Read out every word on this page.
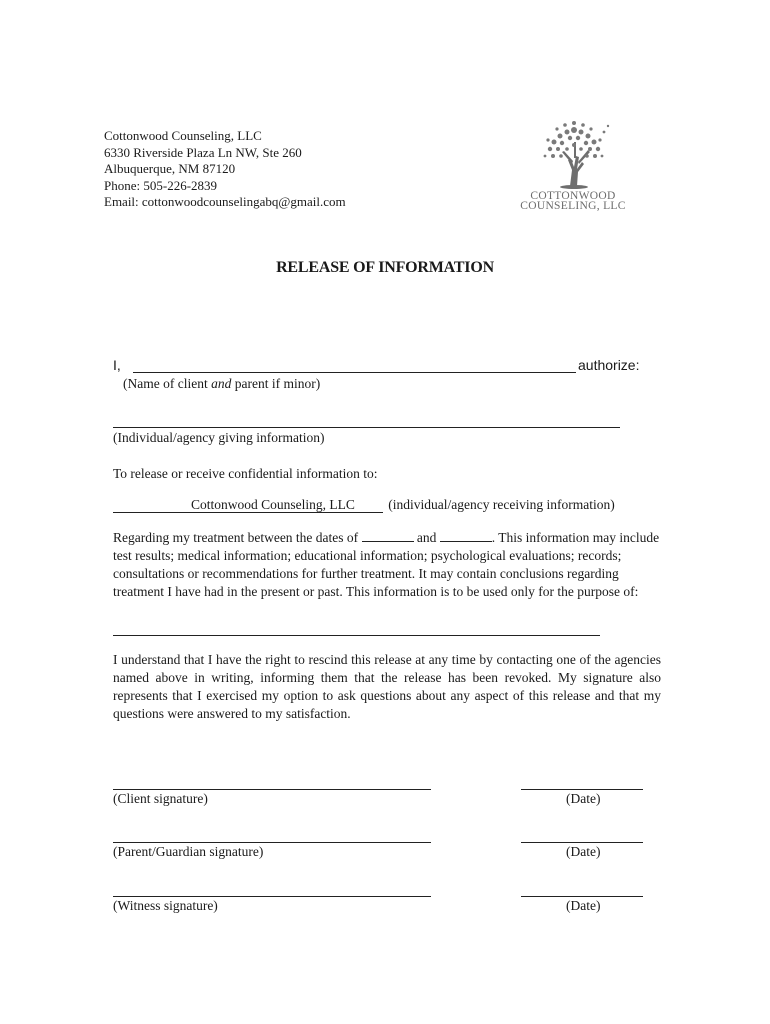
Cottonwood Counseling, LLC
6330 Riverside Plaza Ln NW, Ste 260
Albuquerque, NM 87120
Phone: 505-226-2839
Email: cottonwoodcounselingabq@gmail.com	COTTONWOOD
COUNSELING, LLC
RELEASE OF INFORMATION
I,	authorize:
(Name of client and parent if minor)
(Individual/agency giving information)
To release or receive confidential information to:
Cottonwood Counseling, LLC (individual/agency receiving information)
Regarding my treatment between the dates of	and	. This information may include test results; medical information; educational information; psychological evaluations; records; consultations or recommendations for further treatment. It may contain conclusions regarding treatment I have had in the present or past. This information is to be used only for the purpose of:
I understand that I have the right to rescind this release at any time by contacting one of the agencies named above in writing, informing them that the release has been revoked. My signature also represents that I exercised my option to ask questions about any aspect of this release and that my questions were answered to my satisfaction.
(Client signature)	(Date)
(Parent/Guardian signature)	(Date)
(Witness signature)	(Date)
